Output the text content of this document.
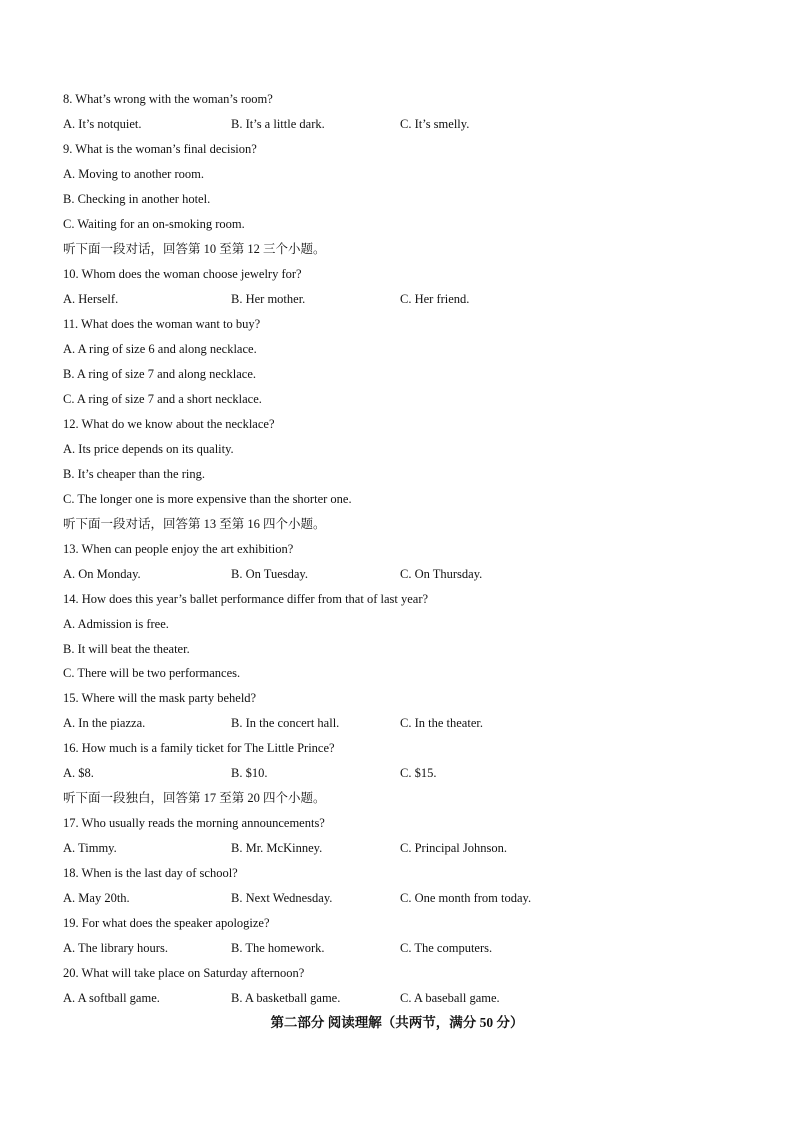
8. What’s wrong with the woman’s room?
A. It’s notquiet.	B. It’s a little dark.	C. It’s smelly.
9. What is the woman’s final decision?
A. Moving to another room.
B. Checking in another hotel.
C. Waiting for an on-smoking room.
听下面一段对话，回答第 10 至第 12 三个小题。
10. Whom does the woman choose jewelry for?
A. Herself.	B. Her mother.	C. Her friend.
11. What does the woman want to buy?
A. A ring of size 6 and along necklace.
B. A ring of size 7 and along necklace.
C. A ring of size 7 and a short necklace.
12. What do we know about the necklace?
A. Its price depends on its quality.
B. It’s cheaper than the ring.
C. The longer one is more expensive than the shorter one.
听下面一段对话，回答第 13 至第 16 四个小题。
13. When can people enjoy the art exhibition?
A. On Monday.	B. On Tuesday.	C. On Thursday.
14. How does this year’s ballet performance differ from that of last year?
A. Admission is free.
B. It will beat the theater.
C. There will be two performances.
15. Where will the mask party beheld?
A. In the piazza.	B. In the concert hall.	C. In the theater.
16. How much is a family ticket for The Little Prince?
A. $8.	B. $10.	C. $15.
听下面一段独白，回答第 17 至第 20 四个小题。
17. Who usually reads the morning announcements?
A. Timmy.	B. Mr. McKinney.	C. Principal Johnson.
18. When is the last day of school?
A. May 20th.	B. Next Wednesday.	C. One month from today.
19. For what does the speaker apologize?
A. The library hours.	B. The homework.	C. The computers.
20. What will take place on Saturday afternoon?
A. A softball game.	B. A basketball game.	C. A baseball game.
第二部分 阅读理解（共两节，满分 50 分）
